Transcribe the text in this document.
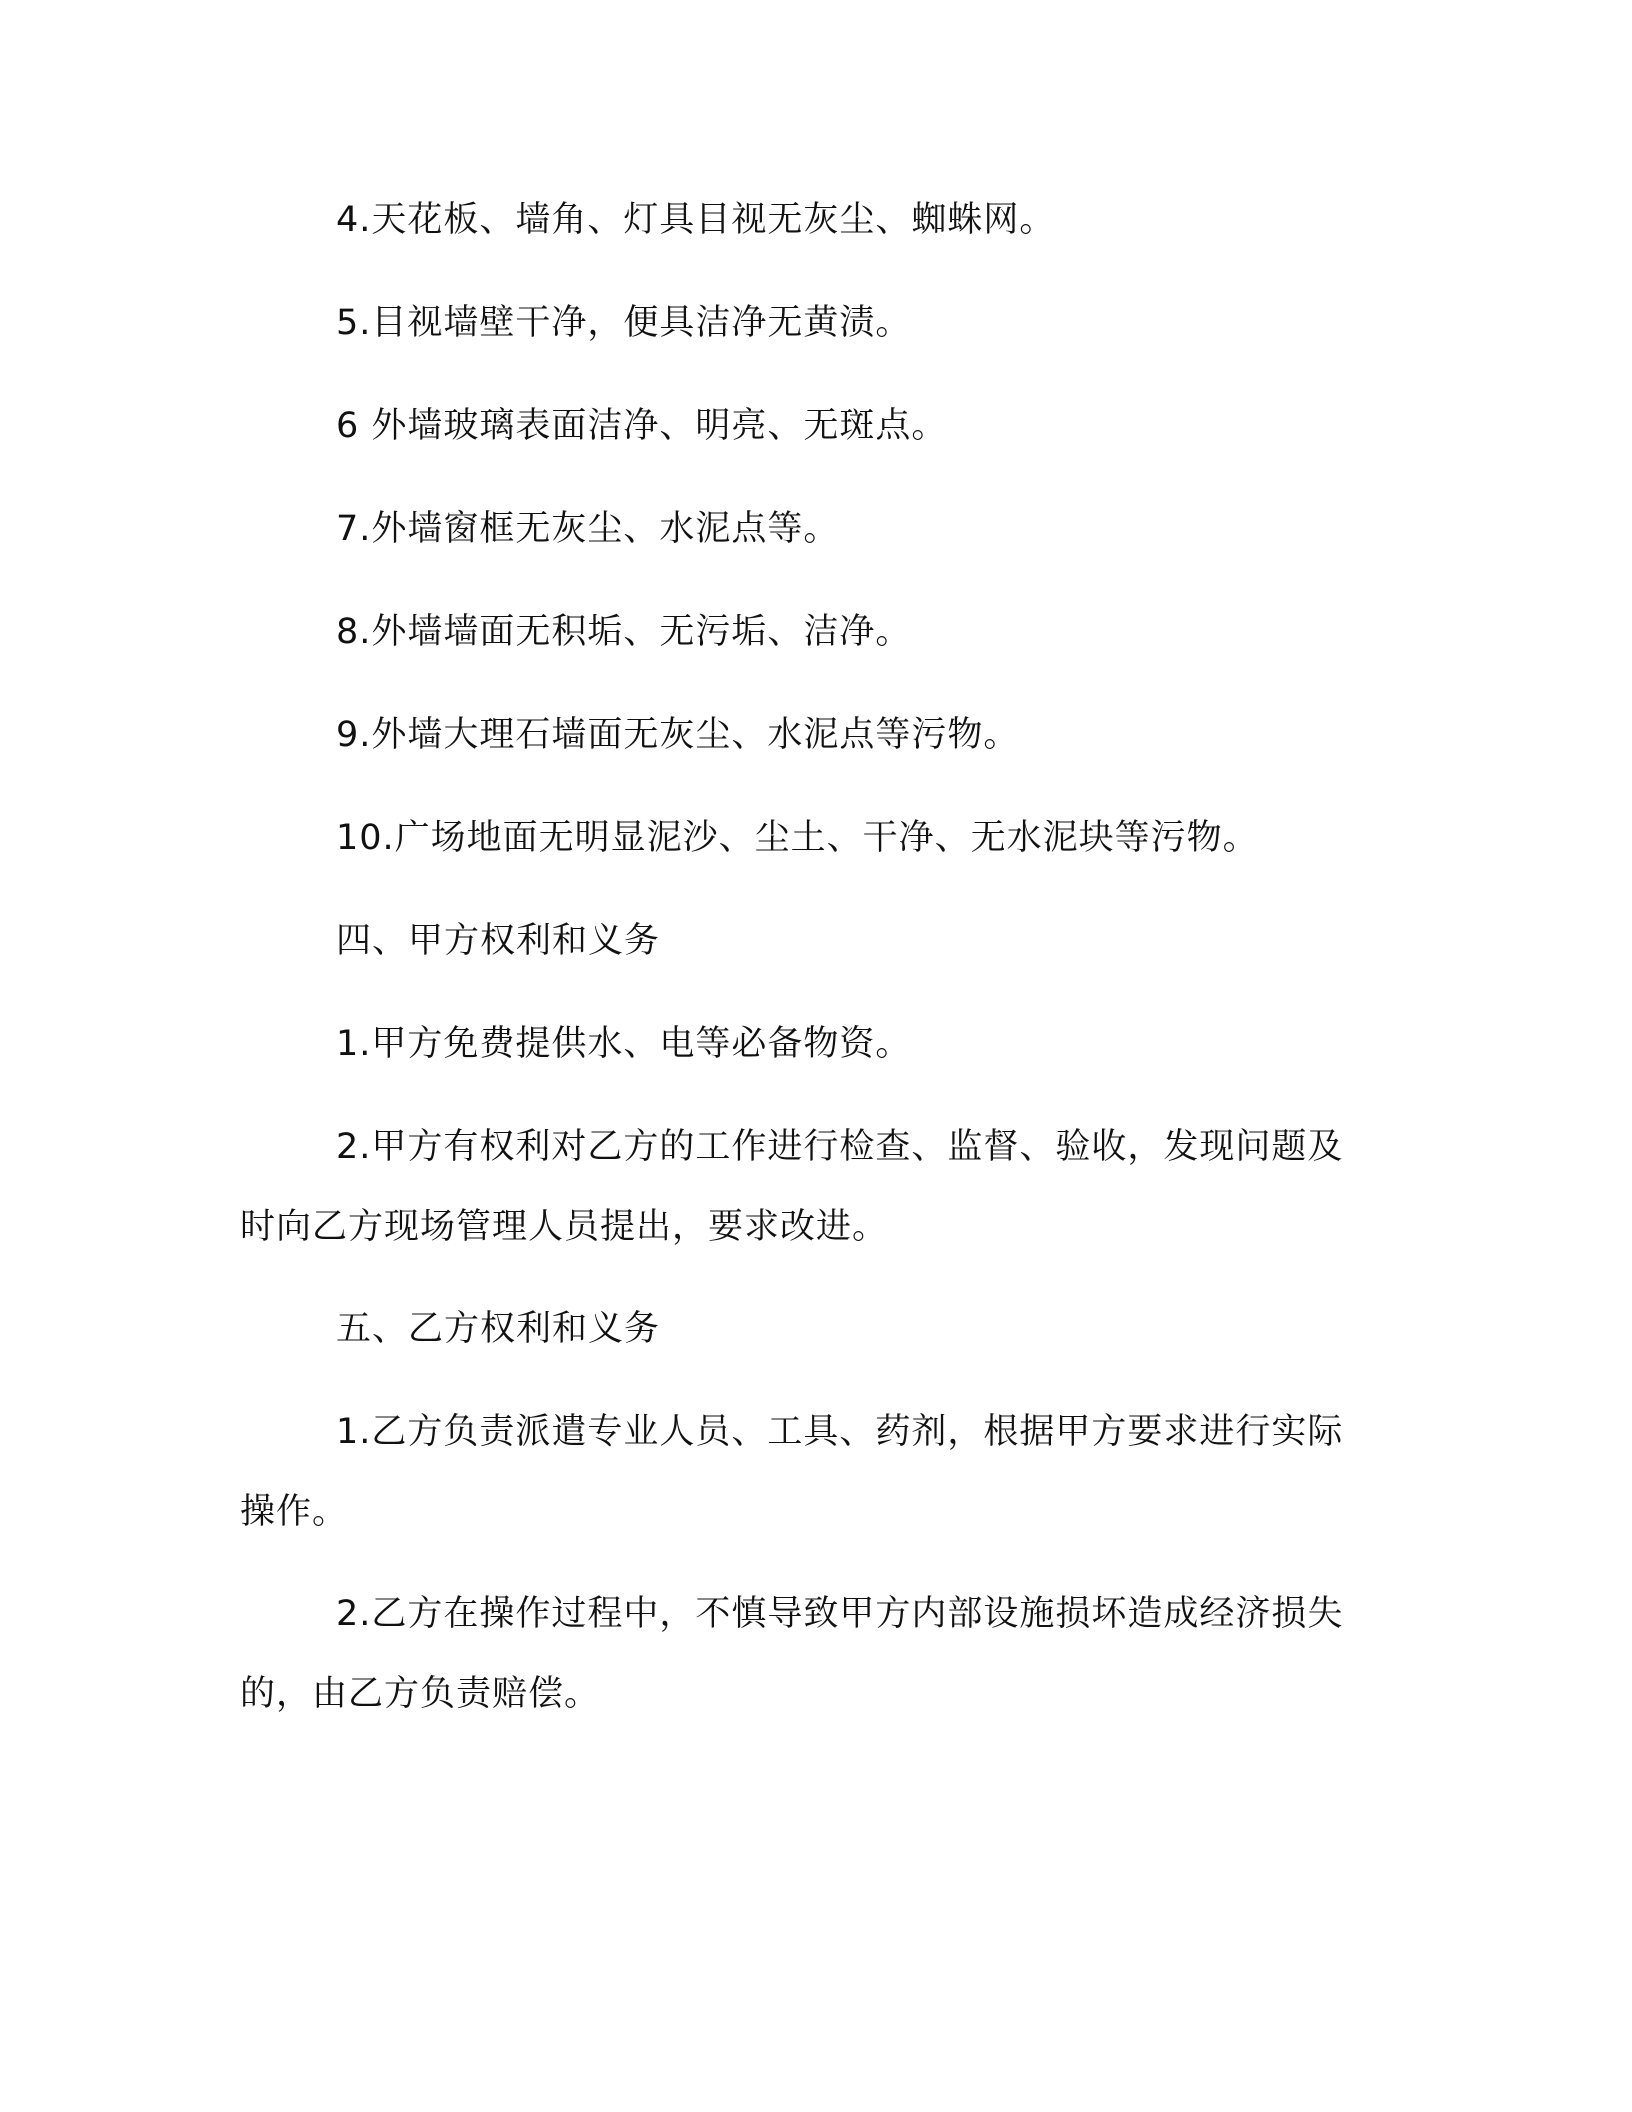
4.天花板、墙角、灯具目视无灰尘、蜘蛛网。

5.目视墙壁干净，便具洁净无黄渍。

6 外墙玻璃表面洁净、明亮、无斑点。

7.外墙窗框无灰尘、水泥点等。

8.外墙墙面无积垢、无污垢、洁净。

9.外墙大理石墙面无灰尘、水泥点等污物。

10.广场地面无明显泥沙、尘土、干净、无水泥块等污物。

四、甲方权利和义务

1.甲方免费提供水、电等必备物资。

2.甲方有权利对乙方的工作进行检查、监督、验收，发现问题及时向乙方现场管理人员提出，要求改进。

五、乙方权利和义务

1.乙方负责派遣专业人员、工具、药剂，根据甲方要求进行实际操作。

2.乙方在操作过程中，不慎导致甲方内部设施损坏造成经济损失的，由乙方负责赔偿。
